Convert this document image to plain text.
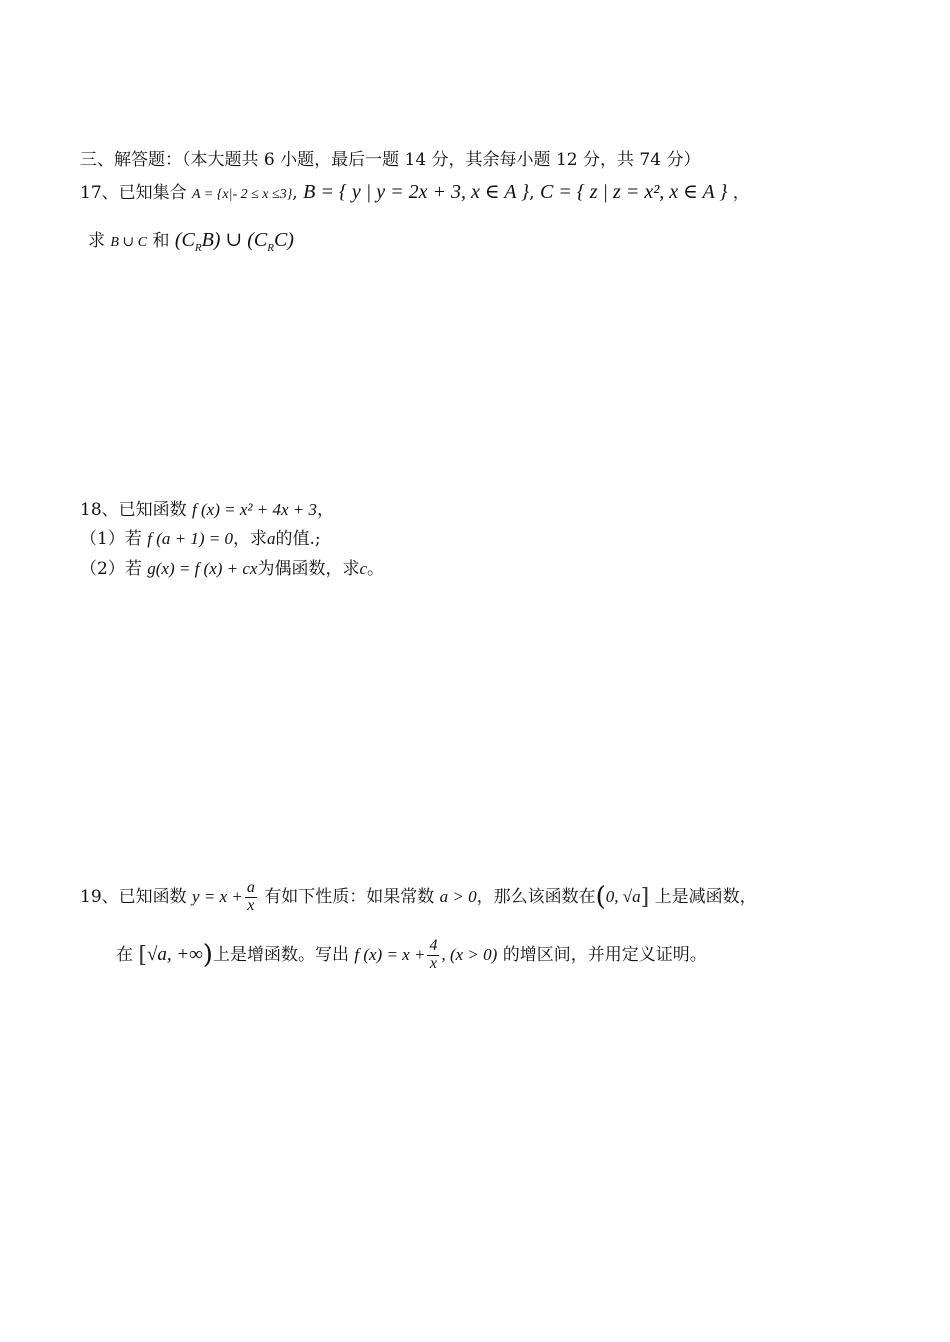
三、解答题：（本大题共 6 小题，最后一题 14 分，其余每小题 12 分，共 74 分）
17、已知集合 A = {x|- 2 ≤ x ≤3}, B = { y | y = 2x + 3, x ∈ A }, C = { z | z = x², x ∈ A } ，
求 B ∪ C 和 $(C_RB)$ ∪ $(C_RC)$
18、已知函数 f (x) = x² + 4x + 3，
（1）若 f (a + 1) = 0，求a的值.;
（2）若 g(x) = f (x) + cx为偶函数，求c。
19、已知函数 $y = x + \frac{a}{x}$ 有如下性质：如果常数 a > 0，那么该函数在(0, √a] 上是减函数，
在 [√a, +∞)上是增函数。写出 f $(x) = x + \frac{4}{x}$ , (x > 0) 的增区间，并用定义证明。
